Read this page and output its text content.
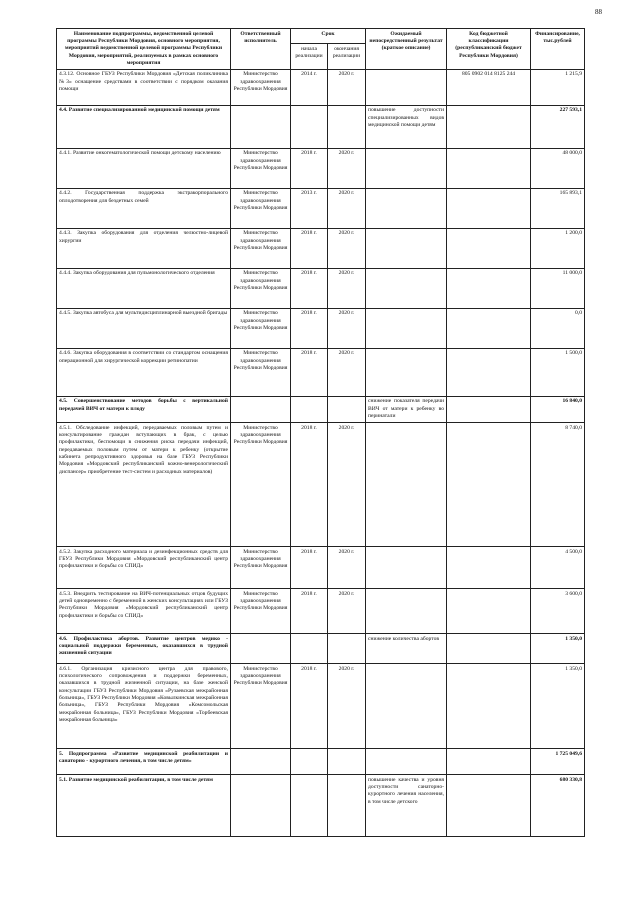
88
Наименование подпрограммы, ведомственной целевой программы Республики Мордовия, основного мероприятия, мероприятий ведомственной целевой программы Республики Мордовия, мероприятий, реализуемых в рамках основного мероприятия	Ответственный исполнитель	Срок		Ожидаемый непосредственный результат (краткое описание)	Код бюджетной классификации (республиканский бюджет Республики Мордовия)	Финансирование, тыс.рублей
		начала реализации	окончания реализации			
4.3.12. Основное ГБУЗ Республики Мордовия «Детская поликлиника №3» оснащение средствами в соответствии с порядком оказания помощи	Министерство здравоохранения Республики Мордовия	2014 г.	2020 г.		805 0902 014 8125 244	1 215,9
4.4. Развитие специализированной медицинской помощи детям				повышение доступности специализированных видов медицинской помощи детям		227 593,1
4.4.1. Развитие онкогематологической помощи детскому населению	Министерство здравоохранения Республики Мордовия	2018 г.	2020 г.			48 000,0
4.4.2. Государственная поддержка экстракорпорального оплодотворения для бездетных семей	Министерство здравоохранения Республики Мордовия	2013 г.	2020 г.			165 893,1
4.4.3. Закупка оборудования для отделения челюстно-лицевой хирургии	Министерство здравоохранения Республики Мордовия	2018 г.	2020 г.			1 200,0
4.4.4. Закупка оборудования для пульмонологического отделения	Министерство здравоохранения Республики Мордовия	2018 г.	2020 г.			11 000,0
4.4.5. Закупка автобуса для мультидисциплинарной выездной бригады	Министерство здравоохранения Республики Мордовия	2018 г.	2020 г.			0,0
4.4.6. Закупка оборудования в соответствии со стандартом оснащения операционной для хирургической коррекции ретинопатии	Министерство здравоохранения Республики Мордовия	2018 г.	2020 г.			1 500,0
4.5. Совершенствование методов борьбы с вертикальной передачей ВИЧ от матери к плоду				снижение показателя передачи ВИЧ от матери к ребенку во перинатали		16 840,0
4.5.1. Обследование инфекций, передаваемых половым путем и консультирование граждан вступающих в брак, с целью профилактики, беспомощи в снижения риска передачи инфекций, передаваемых половым путем от матери к ребенку (открытие кабинета репродуктивного здоровья на базе ГБУЗ Республики Мордовия «Мордовский республиканский кожно-венерологический диспансер» приобретение тест-систем и расходных материалов)	Министерство здравоохранения Республики Мордовия	2018 г.	2020 г.			8 740,0
4.5.2. Закупка расходного материала и дезинфекционных средств для ГБУЗ Республики Мордовия «Мордовский республиканский центр профилактики и борьбы со СПИД»	Министерство здравоохранения Республики Мордовия	2018 г.	2020 г.			4 500,0
4.5.3. Внедрить тестирование на ВИЧ-потенциальных отцов будущих детей одновременно с беременной в женских консультациях или ГБУЗ Республики Мордовия «Мордовский республиканский центр профилактики и борьбы со СПИД»	Министерство здравоохранения Республики Мордовия	2018 г.	2020 г.			3 600,0
4.6. Профилактика абортов. Развитие центров медико - социальной поддержки беременных, оказавшихся в трудной жизненной ситуации				снижение количества абортов		1 350,0
4.6.1. Организация кризисного центра для правового, психологического сопровождения и поддержки беременных, оказавшихся в трудной жизненной ситуации, на базе женской консультации ГБУЗ Республики Мордовия «Рузаевская межрайонная больница», ГБУЗ Республики Мордовия «Ковылкинская межрайонная больница», ГБУЗ Республики Мордовия «Комсомольская межрайонная больница», ГБУЗ Республики Мордовия «Торбеевская межрайонная больница»	Министерство здравоохранения Республики Мордовия	2018 г.	2020 г.			1 350,0
5. Подпрограмма «Развитие медицинской реабилитации и санаторно - курортного лечения, в том числе детям»						1 725 049,6
5.1. Развитие медицинской реабилитации, в том числе детям				повышение качества и уровня доступности санаторно-курортного лечения населения, в том числе детского		680 330,8
